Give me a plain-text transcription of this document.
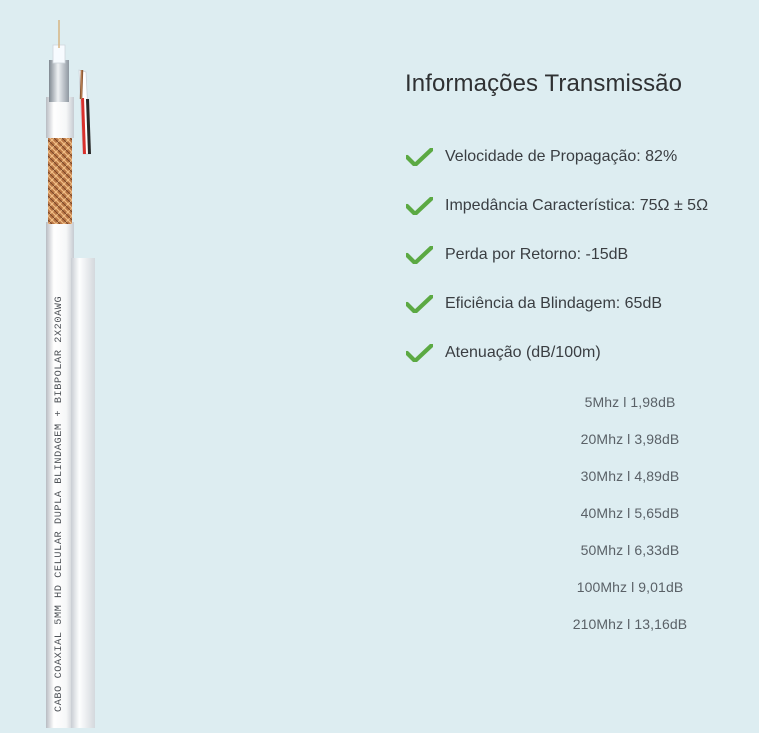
CABO COAXIAL 5MM HD CELULAR DUPLA BLINDAGEM + BIBPOLAR 2X20AWG
Informações Transmissão
Velocidade de Propagação: 82%
Impedância Característica: 75Ω ± 5Ω
Perda por Retorno: -15dB
Eficiência da Blindagem: 65dB
Atenuação (dB/100m)
5Mhz l 1,98dB
20Mhz l 3,98dB
30Mhz l 4,89dB
40Mhz l 5,65dB
50Mhz l 6,33dB
100Mhz l 9,01dB
210Mhz l 13,16dB
